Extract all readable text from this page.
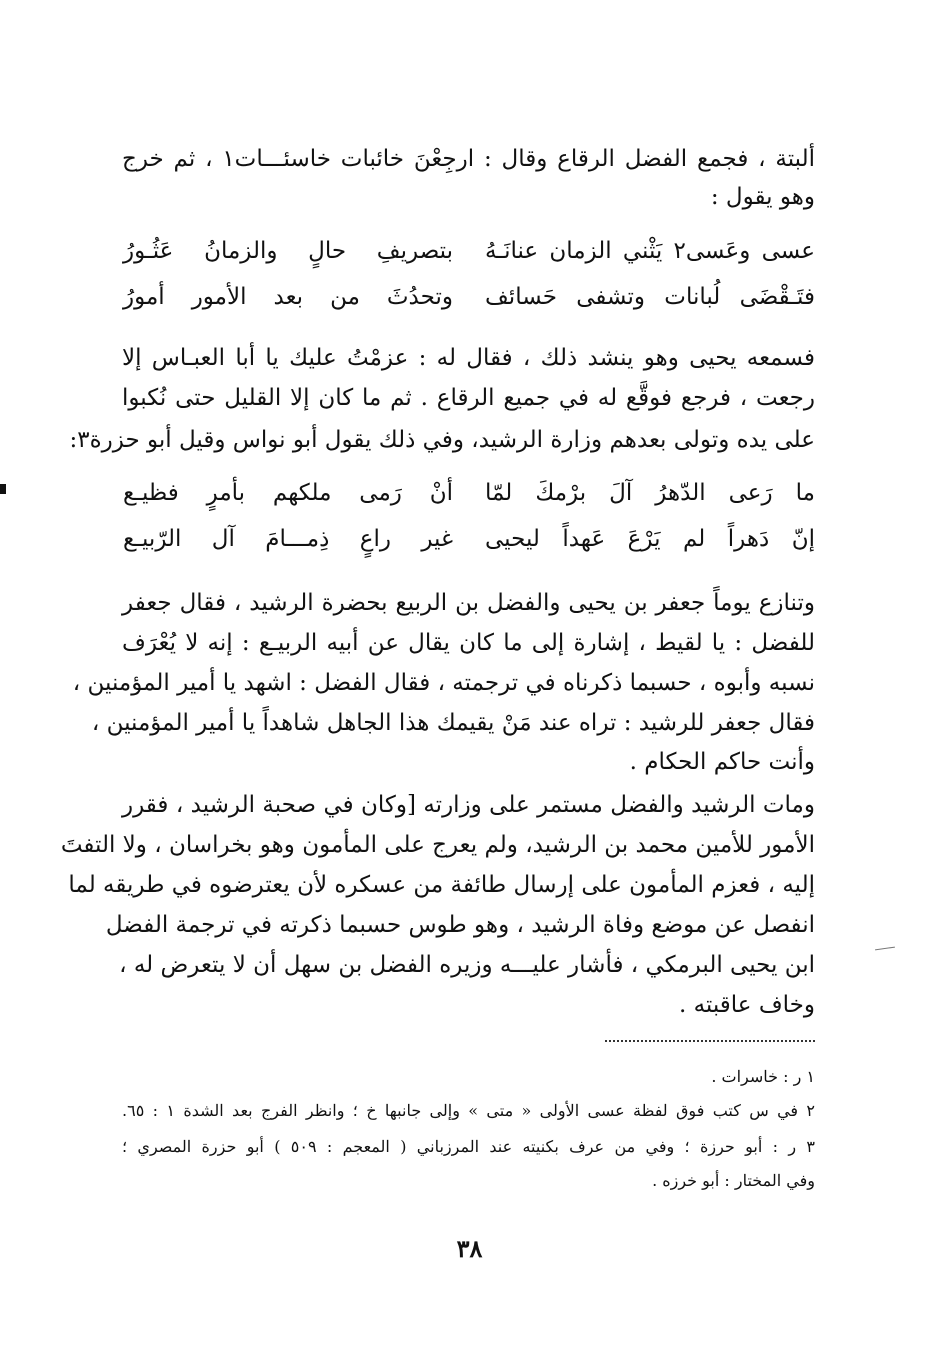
ألبتة ، فجمع الفضل الرقاع وقال : ارجِعْنَ خائبات خاسئـــات١ ، ثم خرج
وهو يقول :
عسى وعَسى٢ يَثْني الزمان عنانَـهُ
بتصريفِ حالٍ والزمانُ عَثُـورُ
فتَـقْضَى لُبانات وتشفى حَسائف
وتحدُثَ من بعد الأمور أمورُ
فسمعه يحيى وهو ينشد ذلك ، فقال له : عزمْتُ عليك يا أبا العبـاس إلا
رجعت ، فرجع فوقَّع له في جميع الرقاع . ثم ما كان إلا القليل حتى نُكبوا
على يده وتولى بعدهم وزارة الرشيد، وفي ذلك يقول أبو نواس وقيل أبو حزرة٣:
ما رَعى الدّهرُ آلَ برْمكَ لمّا
أنْ رَمى ملكهم بأمرٍ فظيـع
إنّ دَهراً لم يَرْعَ عَهداً ليحيى
غير راعٍ ذِمـــامَ آل الرّبيـع
وتنازع يوماً جعفر بن يحيى والفضل بن الربيع بحضرة الرشيد ، فقال جعفر
للفضل : يا لقيط ، إشارة إلى ما كان يقال عن أبيه الربيـع : إنه لا يُعْرَف
نسبه وأبوه ، حسبما ذكرناه في ترجمته ، فقال الفضل : اشهد يا أمير المؤمنين ،
فقال جعفر للرشيد : تراه عند مَنْ يقيمك هذا الجاهل شاهداً يا أمير المؤمنين ،
وأنت حاكم الحكام .
ومات الرشيد والفضل مستمر على وزارته [وكان في صحبة الرشيد ، فقرر
الأمور للأمين محمد بن الرشيد، ولم يعرج على المأمون وهو بخراسان ، ولا التفتَ
إليه ، فعزم المأمون على إرسال طائفة من عسكره لأن يعترضوه في طريقه لما
انفصل عن موضع وفاة الرشيد ، وهو طوس حسبما ذكرته في ترجمة الفضل
ابن يحيى البرمكي ، فأشار عليـــه وزيره الفضل بن سهل أن لا يتعرض له ،
وخاف عاقبته .
١ ر : خاسرات .
٢ في س كتب فوق لفظة عسى الأولى « متى » وإلى جانبها خ ؛ وانظر الفرج بعد الشدة ١ : ٦٥.
٣ ر : أبو حرزة ؛ وفي من عرف بكنيته عند المرزباني ( المعجم : ٥٠٩ ) أبو حزرة المصري ؛
وفي المختار : أبو خرزه .
٣٨
